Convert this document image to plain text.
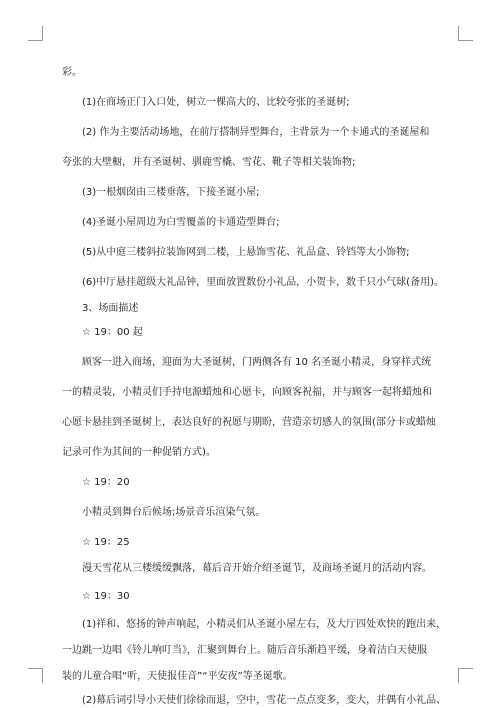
彩。
(1)在商场正门入口处，树立一棵高大的、比较夸张的圣诞树;
(2) 作为主要活动场地，在前厅搭制异型舞台，主背景为一个卡通式的圣诞屋和
夸张的大壁橱，并有圣诞树、驯鹿雪橇、雪花、靴子等相关装饰物;
(3)一根烟囱由三楼垂落，下接圣诞小屋;
(4)圣诞小屋周边为白雪覆盖的卡通造型舞台;
(5)从中庭三楼斜拉装饰网到二楼，上悬饰雪花、礼品盒、铃铛等大小饰物;
(6)中厅悬挂超级大礼品钟，里面放置数份小礼品，小贺卡，数千只小气球(备用)。
3、场面描述
☆ 19：00 起
顾客一进入商场，迎面为大圣诞树，门两侧各有 10 名圣诞小精灵，身穿样式统
一的精灵装，小精灵们手持电源蜡烛和心愿卡，向顾客祝福，并与顾客一起将蜡烛和
心愿卡悬挂到圣诞树上，表达良好的祝愿与期盼，营造亲切感人的氛围(部分卡或蜡烛
记录可作为其间的一种促销方式)。
☆ 19：20
小精灵到舞台后候场;场景音乐渲染气氛。
☆ 19：25
漫天雪花从三楼缓缓飘落，幕后音开始介绍圣诞节，及商场圣诞月的活动内容。
☆ 19：30
(1)祥和、悠扬的钟声响起，小精灵们从圣诞小屋左右，及大厅四处欢快的跑出来，
一边跳一边唱《铃儿响叮当》，汇聚到舞台上。随后音乐渐趋平缓，身着洁白天使服
装的儿童合唱“听，天使报佳音”“平安夜”等圣诞歌。
(2)幕后词引导小天使们徐徐而退，空中，雪花一点点变多，变大，并偶有小礼品、
